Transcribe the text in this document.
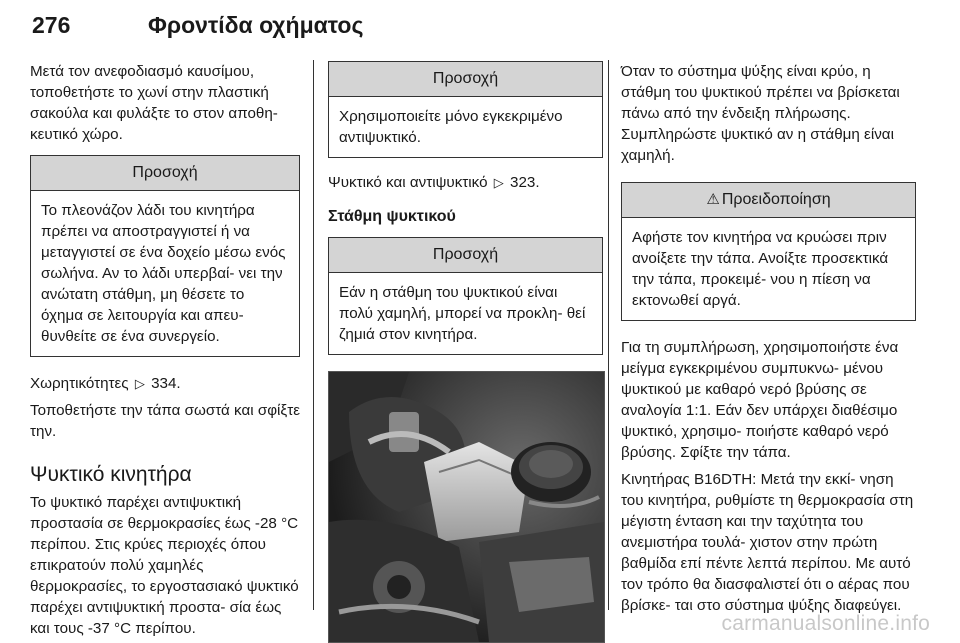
276	Φροντίδα οχήματος

Μετά τον ανεφοδιασμό καυσίμου, τοποθετήστε το χωνί στην πλαστική σακούλα και φυλάξτε το στον αποθη- κευτικό χώρο.

Προσοχή
Το πλεονάζον λάδι του κινητήρα πρέπει να αποστραγγιστεί ή να μεταγγιστεί σε ένα δοχείο μέσω ενός σωλήνα. Αν το λάδι υπερβαί- νει την ανώτατη στάθμη, μη θέσετε το όχημα σε λειτουργία και απευ- θυνθείτε σε ένα συνεργείο.

Χωρητικότητες ▷ 334.

Τοποθετήστε την τάπα σωστά και σφίξτε την.

Ψυκτικό κινητήρα

Το ψυκτικό παρέχει αντιψυκτική προστασία σε θερμοκρασίες έως -28 °C περίπου. Στις κρύες περιοχές όπου επικρατούν πολύ χαμηλές θερμοκρασίες, το εργοστασιακό ψυκτικό παρέχει αντιψυκτική προστα- σία έως και τους -37 °C περίπου.

Προσοχή
Χρησιμοποιείτε μόνο εγκεκριμένο αντιψυκτικό.

Ψυκτικό και αντιψυκτικό ▷ 323.

Στάθμη ψυκτικού
Προσοχή
Εάν η στάθμη του ψυκτικού είναι πολύ χαμηλή, μπορεί να προκλη- θεί ζημιά στον κινητήρα.

Όταν το σύστημα ψύξης είναι κρύο, η στάθμη του ψυκτικού πρέπει να βρίσκεται πάνω από την ένδειξη πλήρωσης. Συμπληρώστε ψυκτικό αν η στάθμη είναι χαμηλή.

⚠ Προειδοποίηση
Αφήστε τον κινητήρα να κρυώσει πριν ανοίξετε την τάπα. Ανοίξτε προσεκτικά την τάπα, προκειμέ- νου η πίεση να εκτονωθεί αργά.

Για τη συμπλήρωση, χρησιμοποιήστε ένα μείγμα εγκεκριμένου συμπυκνω- μένου ψυκτικού με καθαρό νερό βρύσης σε αναλογία 1:1. Εάν δεν υπάρχει διαθέσιμο ψυκτικό, χρησιμο- ποιήστε καθαρό νερό βρύσης. Σφίξτε την τάπα.

Κινητήρας B16DTH: Μετά την εκκί- νηση του κινητήρα, ρυθμίστε τη θερμοκρασία στη μέγιστη ένταση και την ταχύτητα του ανεμιστήρα τουλά- χιστον στην πρώτη βαθμίδα επί πέντε λεπτά περίπου. Με αυτό τον τρόπο θα διασφαλιστεί ότι ο αέρας που βρίσκε- ται στο σύστημα ψύξης διαφεύγει.

carmanualsonline.info
